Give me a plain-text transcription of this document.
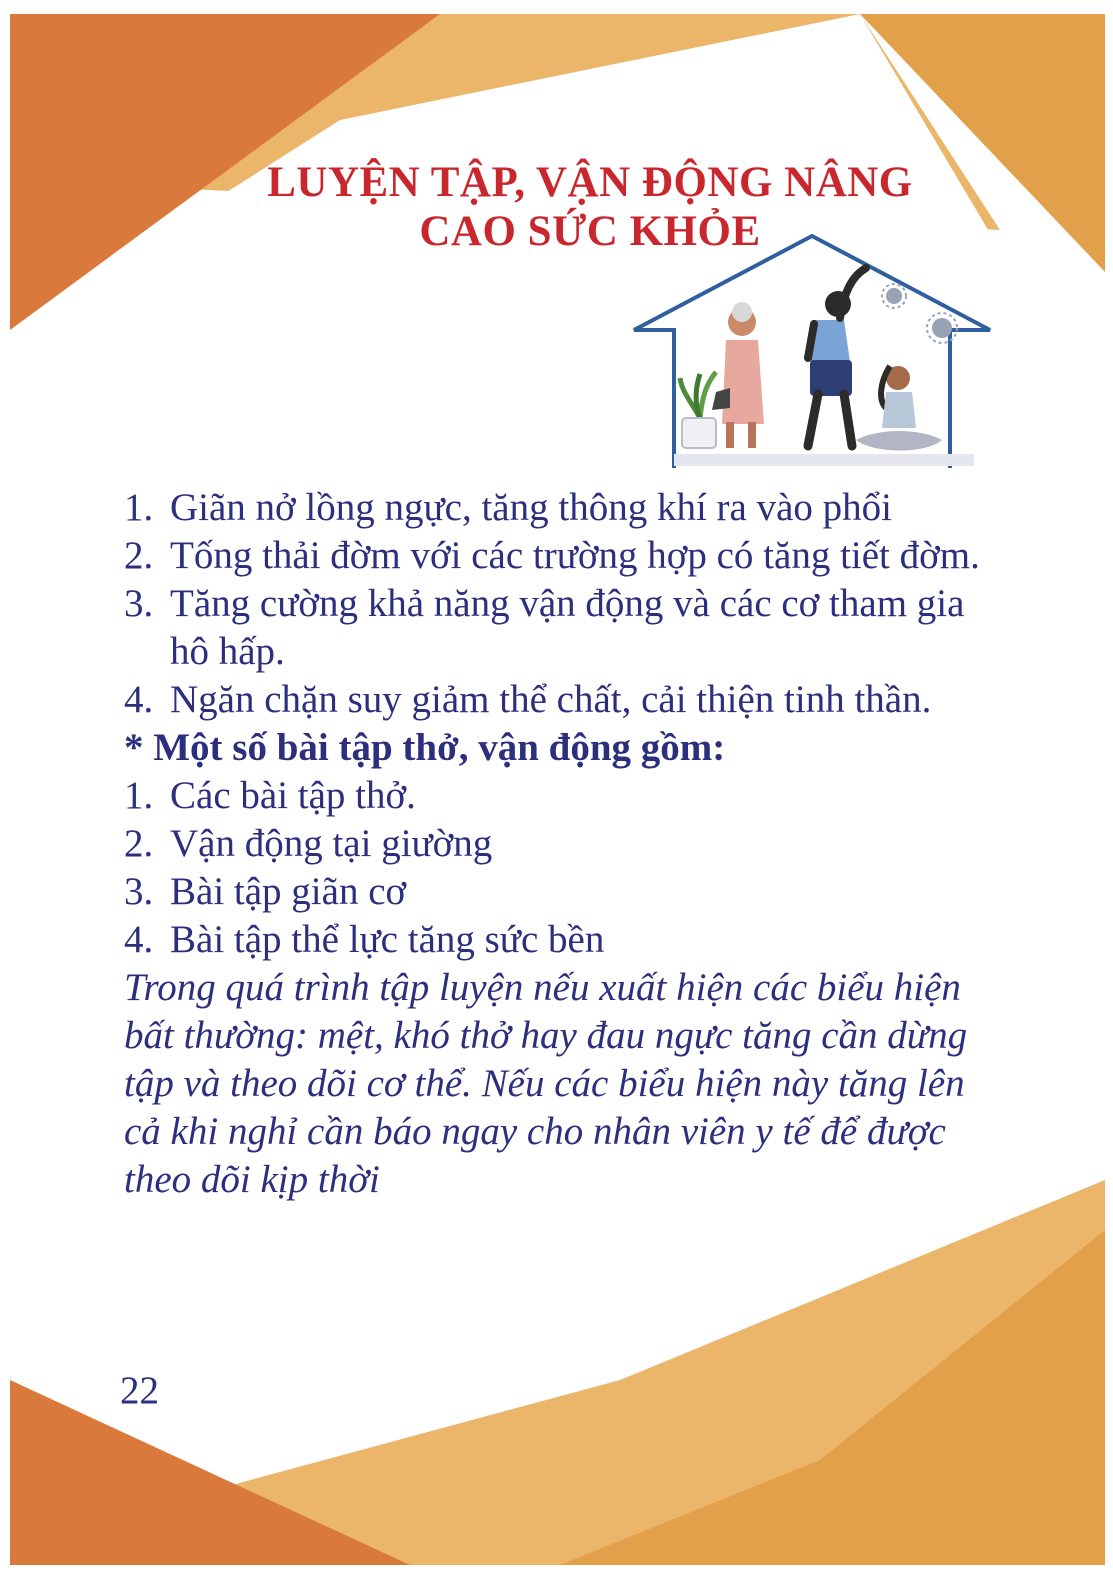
LUYỆN TẬP, VẬN ĐỘNG NÂNG
CAO SỨC KHỎE
1. Giãn nở lồng ngực, tăng thông khí ra vào phổi
2. Tống thải đờm với các trường hợp có tăng tiết đờm.
3. Tăng cường khả năng vận động và các cơ tham gia hô hấp.
4. Ngăn chặn suy giảm thể chất, cải thiện tinh thần.

* Một số bài tập thở, vận động gồm:

1. Các bài tập thở.
2. Vận động tại giường
3. Bài tập giãn cơ
4. Bài tập thể lực tăng sức bền

Trong quá trình tập luyện nếu xuất hiện các biểu hiện bất thường: mệt, khó thở hay đau ngực tăng cần dừng tập và theo dõi cơ thể. Nếu các biểu hiện này tăng lên cả khi nghỉ cần báo ngay cho nhân viên y tế để được theo dõi kịp thời

22
